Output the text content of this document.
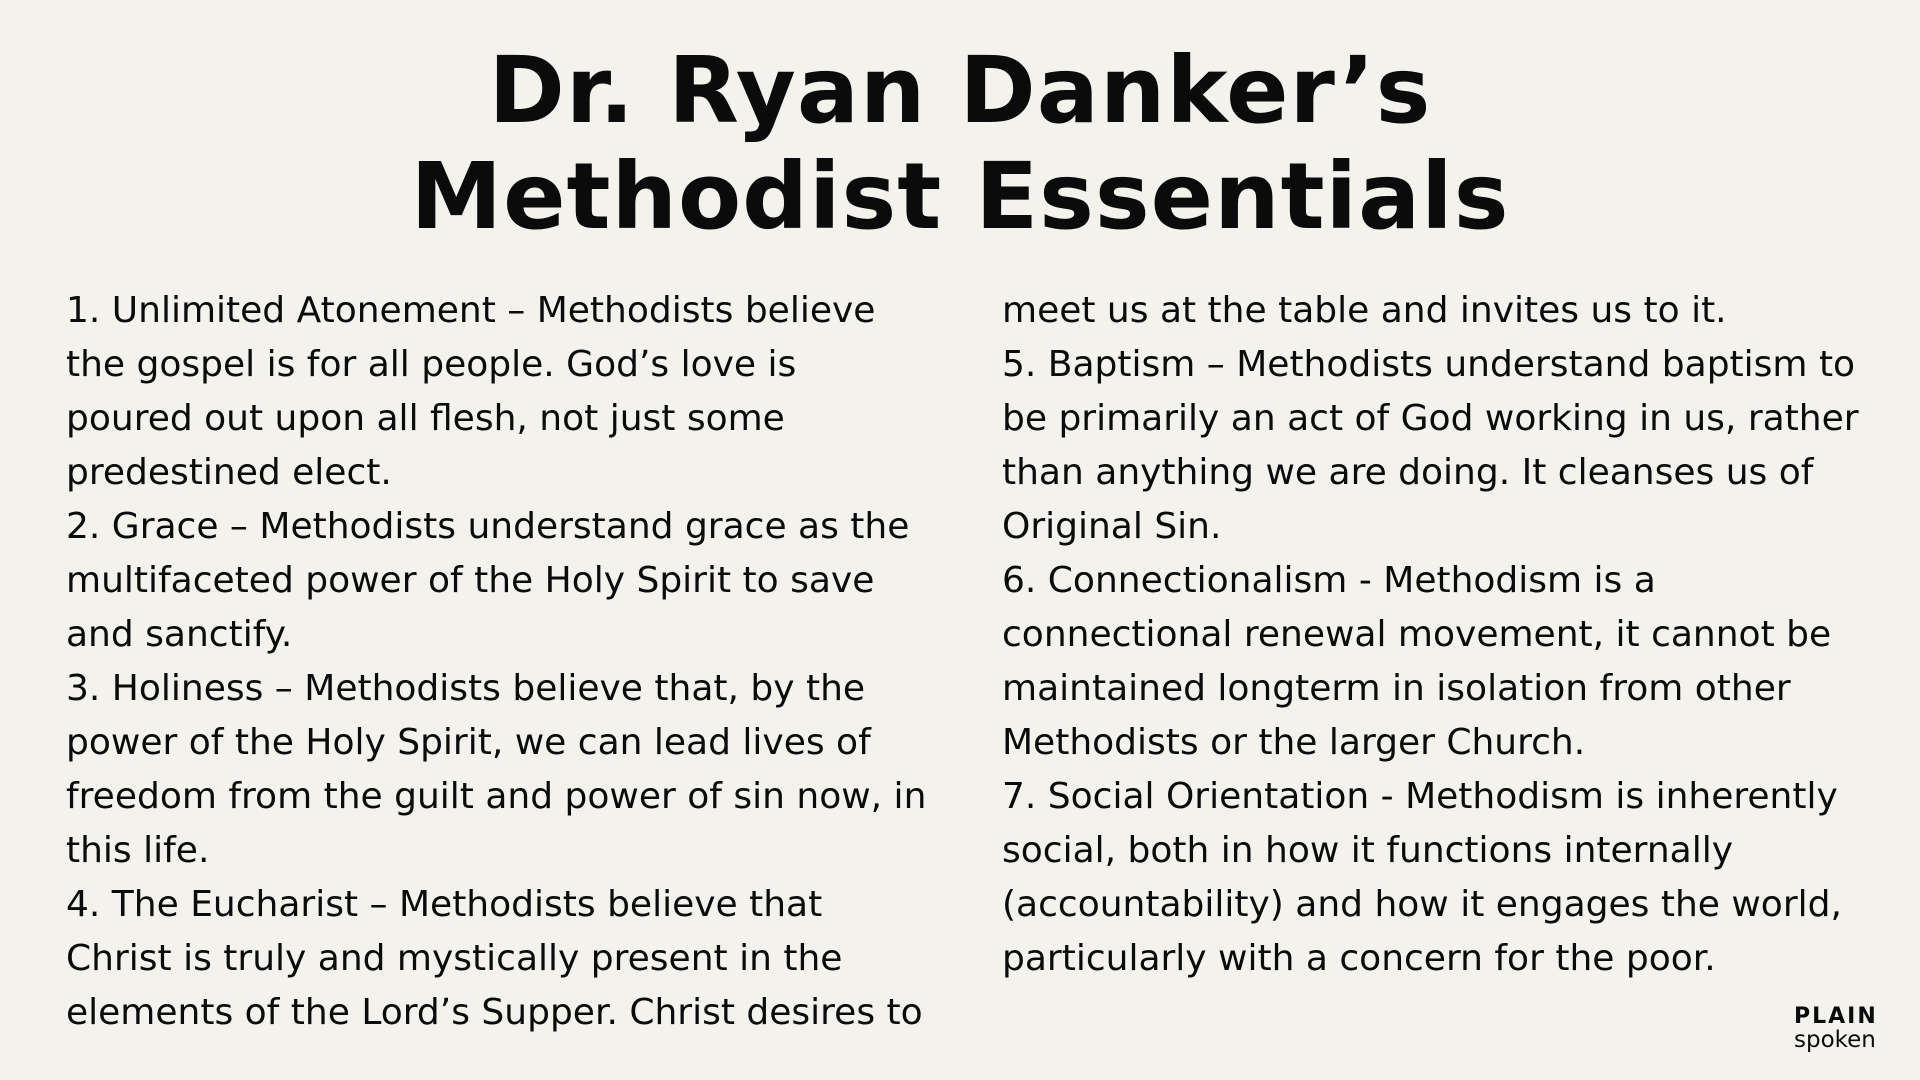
Dr. Ryan Danker’s
Methodist Essentials

1. Unlimited Atonement – Methodists believe

the gospel is for all people. God’s love is

poured out upon all flesh, not just some

predestined elect.

2. Grace – Methodists understand grace as the

multifaceted power of the Holy Spirit to save

and sanctify.

3. Holiness – Methodists believe that, by the

power of the Holy Spirit, we can lead lives of

freedom from the guilt and power of sin now, in

this life.

4. The Eucharist – Methodists believe that

Christ is truly and mystically present in the

elements of the Lord’s Supper. Christ desires to

meet us at the table and invites us to it.

5. Baptism – Methodists understand baptism to

be primarily an act of God working in us, rather

than anything we are doing. It cleanses us of

Original Sin.

6. Connectionalism - Methodism is a

connectional renewal movement, it cannot be

maintained longterm in isolation from other

Methodists or the larger Church.

7. Social Orientation - Methodism is inherently

social, both in how it functions internally

(accountability) and how it engages the world,

particularly with a concern for the poor.

PLAIN
spoken
